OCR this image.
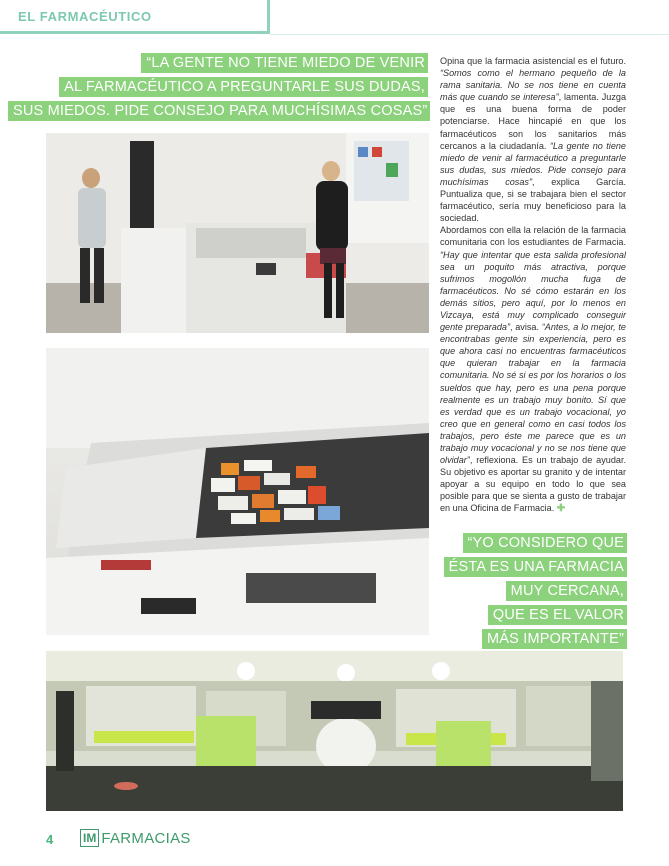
EL FARMACÉUTICO
“LA GENTE NO TIENE MIEDO DE VENIR
AL FARMACÉUTICO A PREGUNTARLE SUS DUDAS,
SUS MIEDOS. PIDE CONSEJO PARA MUCHÍSIMAS COSAS”

Opina que la farmacia asistencial es el futuro. “Somos como el hermano pequeño de la rama sanitaria. No se nos tiene en cuenta más que cuando se interesa”, lamenta. Juzga que es una buena forma de poder potenciarse. Hace hincapié en que los farmacéuticos son los sanitarios más cercanos a la ciudadanía. “La gente no tiene miedo de venir al farmacéutico a preguntarle sus dudas, sus miedos. Pide consejo para muchísimas cosas”, explica García. Puntualiza que, si se trabajara bien el sector farmacéutico, sería muy beneficioso para la sociedad.

Abordamos con ella la relación de la farmacia comunitaria con los estudiantes de Farmacia. “Hay que intentar que esta salida profesional sea un poquito más atractiva, porque sufrimos mogollón mucha fuga de farmacéuticos. No sé cómo estarán en los demás sitios, pero aquí, por lo menos en Vizcaya, está muy complicado conseguir gente preparada”, avisa. “Antes, a lo mejor, te encontrabas gente sin experiencia, pero es que ahora casi no encuentras farmacéuticos que quieran trabajar en la farmacia comunitaria. No sé si es por los horarios o los sueldos que hay, pero es una pena porque realmente es un trabajo muy bonito. Sí que es verdad que es un trabajo vocacional, yo creo que en general como en casi todos los trabajos, pero éste me parece que es un trabajo muy vocacional y no se nos tiene que olvidar”, reflexiona. Es un trabajo de ayudar. Su objetivo es aportar su granito y de intentar apoyar a su equipo en todo lo que sea posible para que se sienta a gusto de trabajar en una Oficina de Farmacia. ✚

“YO CONSIDERO QUE
ÉSTA ES UNA FARMACIA
MUY CERCANA,
QUE ES EL VALOR
MÁS IMPORTANTE”
4 IM FARMACIAS
